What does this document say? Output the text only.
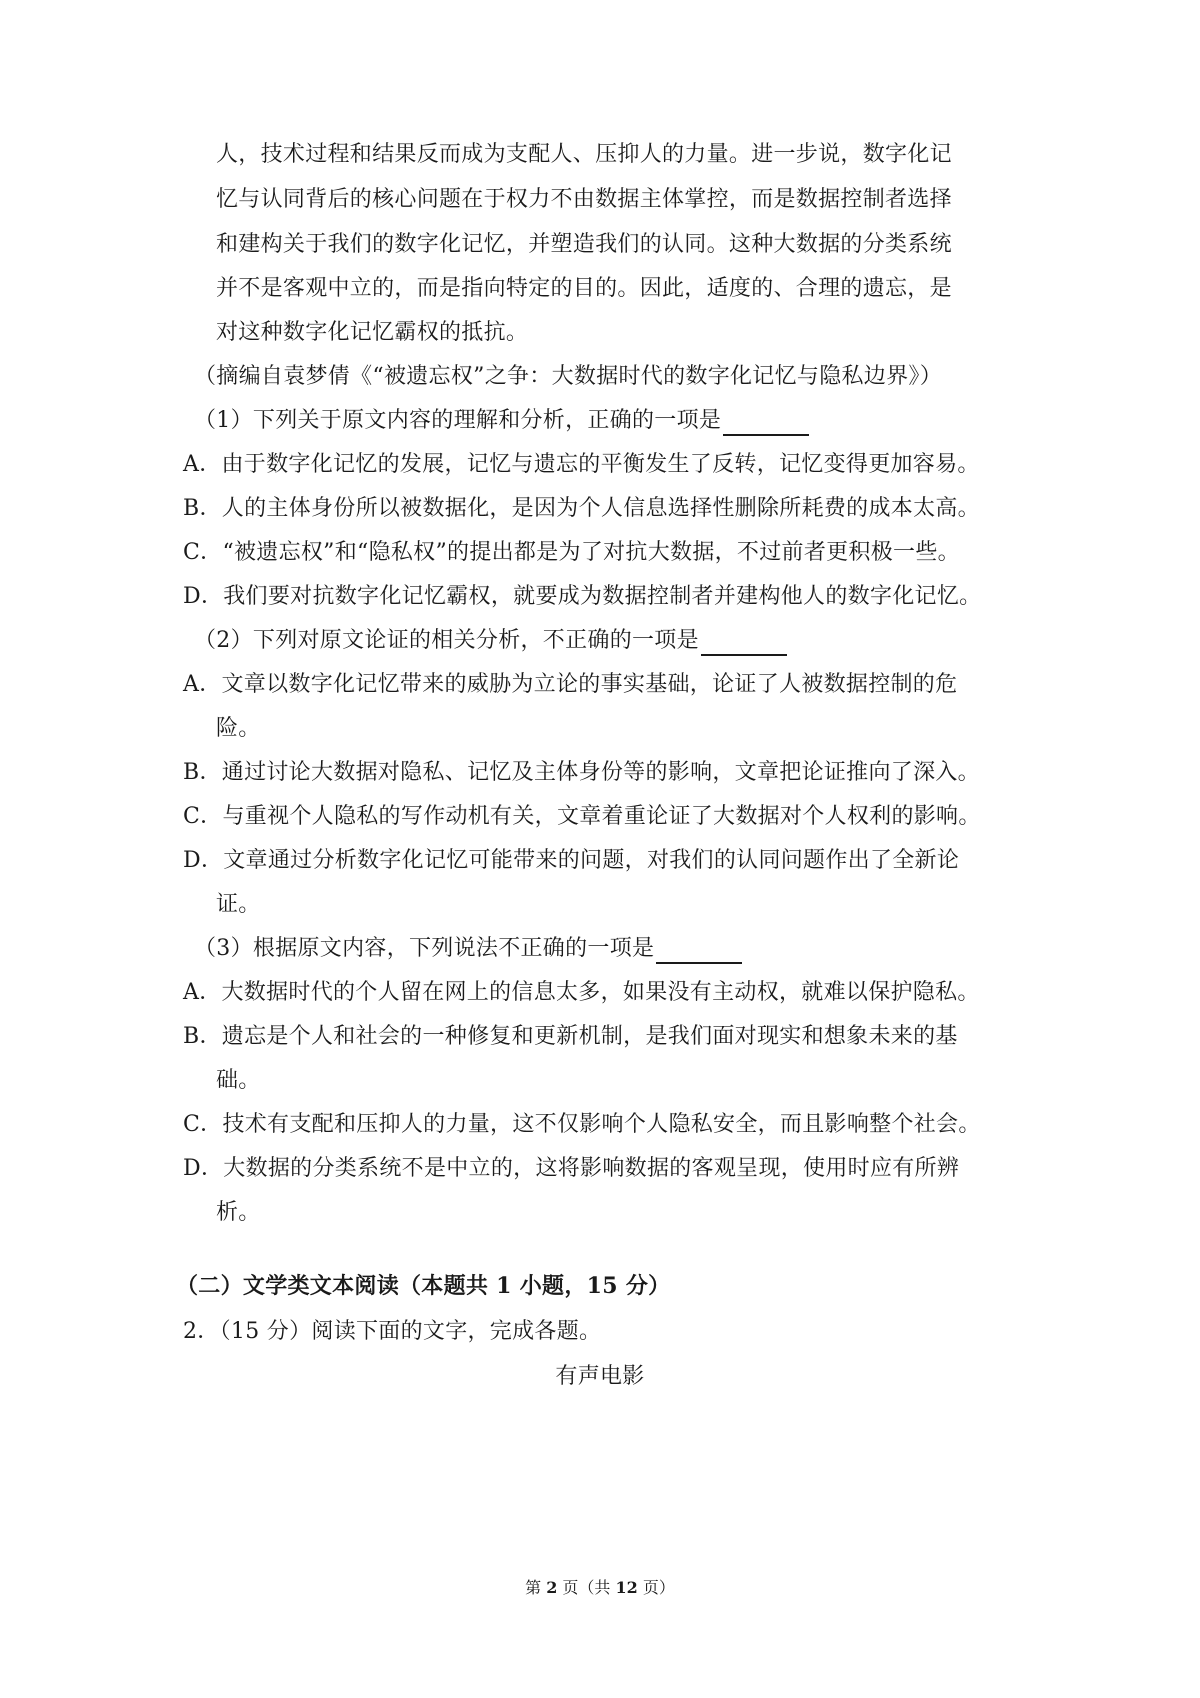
人，技术过程和结果反而成为支配人、压抑人的力量。进一步说，数字化记
忆与认同背后的核心问题在于权力不由数据主体掌控，而是数据控制者选择
和建构关于我们的数字化记忆，并塑造我们的认同。这种大数据的分类系统
并不是客观中立的，而是指向特定的目的。因此，适度的、合理的遗忘，是
对这种数字化记忆霸权的抵抗。
（摘编自袁梦倩《“被遗忘权”之争：大数据时代的数字化记忆与隐私边界》）
（1）下列关于原文内容的理解和分析，正确的一项是
A．由于数字化记忆的发展，记忆与遗忘的平衡发生了反转，记忆变得更加容易。
B．人的主体身份所以被数据化，是因为个人信息选择性删除所耗费的成本太高。
C．“被遗忘权”和“隐私权”的提出都是为了对抗大数据，不过前者更积极一些。
D．我们要对抗数字化记忆霸权，就要成为数据控制者并建构他人的数字化记忆。
（2）下列对原文论证的相关分析，不正确的一项是
A．文章以数字化记忆带来的威胁为立论的事实基础，论证了人被数据控制的危
险。
B．通过讨论大数据对隐私、记忆及主体身份等的影响，文章把论证推向了深入。
C．与重视个人隐私的写作动机有关，文章着重论证了大数据对个人权利的影响。
D．文章通过分析数字化记忆可能带来的问题，对我们的认同问题作出了全新论
证。
（3）根据原文内容，下列说法不正确的一项是
A．大数据时代的个人留在网上的信息太多，如果没有主动权，就难以保护隐私。
B．遗忘是个人和社会的一种修复和更新机制，是我们面对现实和想象未来的基
础。
C．技术有支配和压抑人的力量，这不仅影响个人隐私安全，而且影响整个社会。
D．大数据的分类系统不是中立的，这将影响数据的客观呈现，使用时应有所辨
析。
（二）文学类文本阅读（本题共 1 小题，15 分）
2．（15 分）阅读下面的文字，完成各题。
有声电影
第 2 页（共 12 页）
